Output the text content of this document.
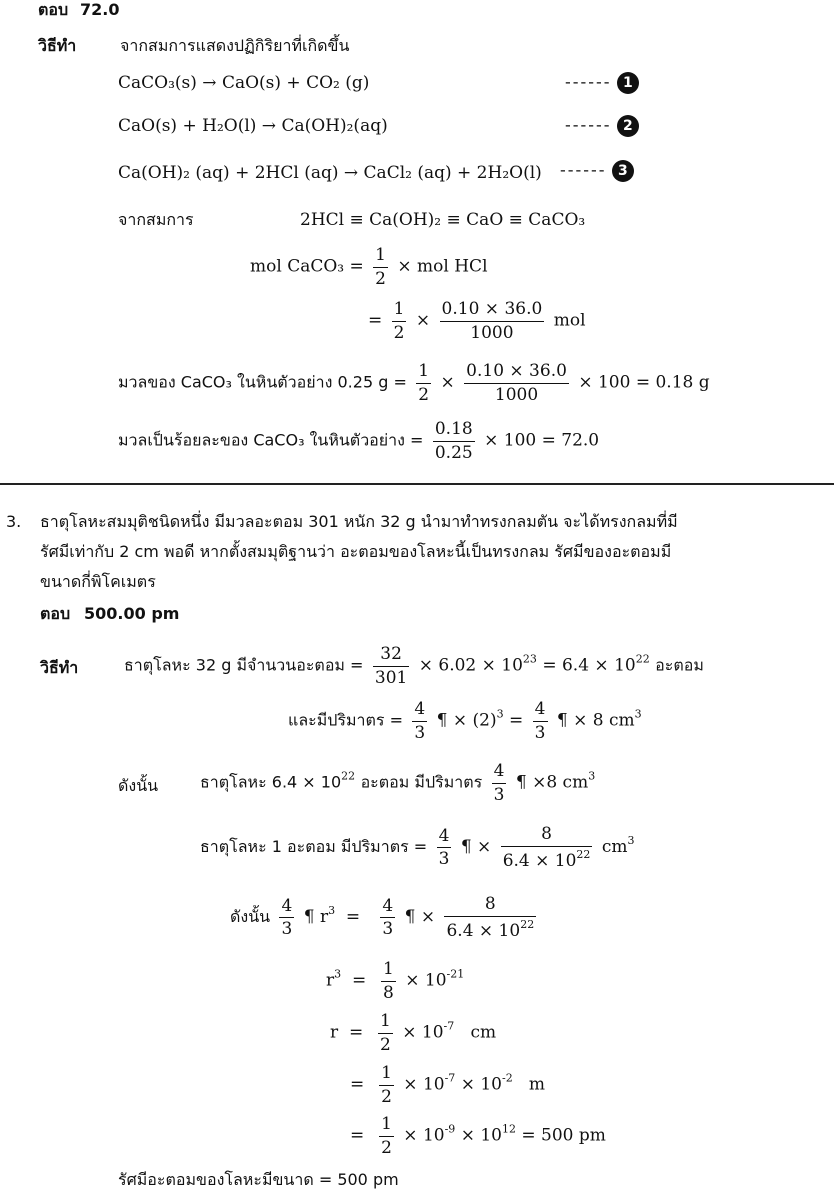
ตอบ 72.0
วิธีทำ	จากสมการแสดงปฏิกิริยาที่เกิดขึ้น
CaCO₃(s) → CaO(s) + CO₂ (g)	------ 1
CaO(s) + H₂O(l) → Ca(OH)₂(aq)	------ 2
Ca(OH)₂ (aq) + 2HCl (aq) → CaCl₂ (aq) + 2H₂O(l) ------ 3
จากสมการ	2HCl ≡ Ca(OH)₂ ≡ CaO ≡ CaCO₃
mol CaCO₃ = $\frac{1}{2}$ × mol HCl
= $\frac{1}{2} \times \frac{0.10 \times 36.0}{1000}$ mol
มวลของ CaCO₃ ในหินตัวอย่าง 0.25 $g = \frac{1}{2} \times \frac{0.10 \times 36.0}{1000} \times 100 = 0.18$ g
มวลเป็นร้อยละของ CaCO₃ ในหินตัวอย่าง = $\frac{0.18}{0.25} \times 100 = 72.0$
3. ธาตุโลหะสมมุติชนิดหนึ่ง มีมวลอะตอม 301 หนัก 32 g นำมาทำทรงกลมตัน จะได้ทรงกลมที่มี
รัศมีเท่ากับ 2 cm พอดี หากตั้งสมมุติฐานว่า อะตอมของโลหะนี้เป็นทรงกลม รัศมีของอะตอมมี
ขนาดกี่พิโคเมตร
ตอบ 500.00 pm
วิธีทำ	ธาตุโลหะ 32 g มีจำนวนอะตอม = $\frac{32}{301} \times 6.02 \times 10^{23} = 6.4 \times 10^{22}$ อะตอม
และมีปริมาตร = $\frac{4}{3}$ ¶ × $(2)^3 = \frac{4}{3}$ ¶ × 8 $cm^3$
ดังนั้น	ธาตุโลหะ $6.4 \times 10^{22}$ อะตอม มีปริมาตร $\frac{4}{3}$ ¶ ×8 $cm^3$
ธาตุโลหะ 1 อะตอม มีปริมาตร = $\frac{4}{3}$ ¶ × $\frac{8}{6.4 \times 10^{22}} cm^3$
ดังนั้น $\frac{4}{3}$ ¶ $r^3 = \frac{4}{3}$ ¶ × $\frac{8}{6.4 \times 10^{22}}$
$r^3 = \frac{1}{8} \times 10^{-21}$
$r = \frac{1}{2} \times 10^{-7}$ cm
= $\frac{1}{2} \times 10^{-7} \times 10^{-2}$ m
= $\frac{1}{2} \times 10^{-9} \times 10^{12} = 500$ pm
รัศมีอะตอมของโลหะมีขนาด = 500 pm
